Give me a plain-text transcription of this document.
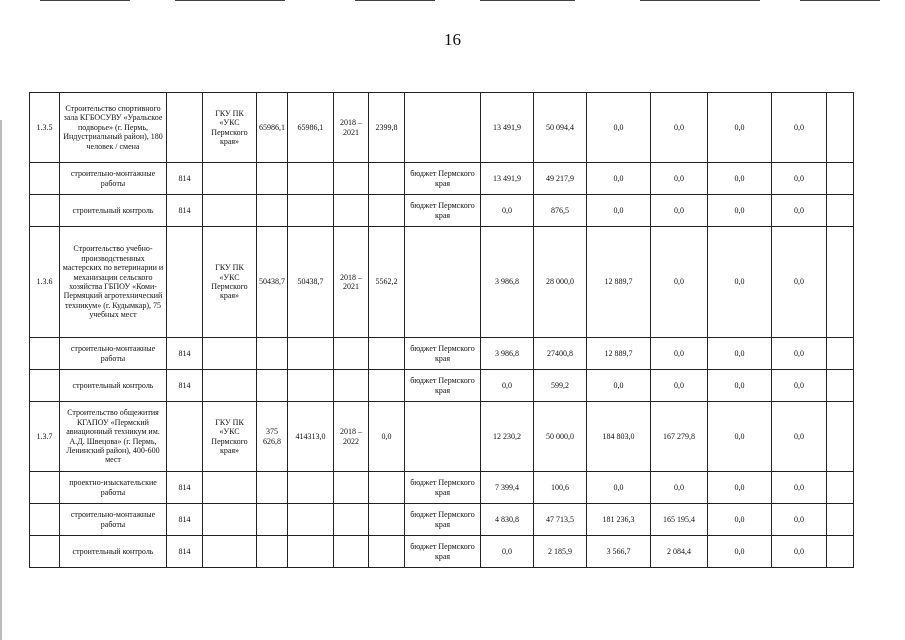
16
1.3.5	Строительство спортивного зала КГБОСУВУ «Уральское подворье» (г. Пермь, Индустриальный район), 180 человек / смена		ГКУ ПК «УКС Пермского края»	65986,1	65986,1	2018 – 2021	2399,8		13 491,9	50 094,4	0,0	0,0	0,0	0,0	
	строительно-монтажные работы	814						бюджет Пермского края	13 491,9	49 217,9	0,0	0,0	0,0	0,0	
	строительный контроль	814						бюджет Пермского края	0,0	876,5	0,0	0,0	0,0	0,0	
1.3.6	Строительство учебно-производственных мастерских по ветеринарии и механизации сельского хозяйства ГБПОУ «Коми-Пермяцкий агротехнический техникум» (г. Кудымкар), 75 учебных мест		ГКУ ПК «УКС Пермского края»	50438,7	50438,7	2018 – 2021	5562,2		3 986,8	28 000,0	12 889,7	0,0	0,0	0,0	
	строительно-монтажные работы	814						бюджет Пермского края	3 986,8	27400,8	12 889,7	0,0	0,0	0,0	
	строительный контроль	814						бюджет Пермского края	0,0	599,2	0,0	0,0	0,0	0,0	
1.3.7	Строительство общежития КГАПОУ «Пермский авиационный техникум им. А.Д. Швецова» (г. Пермь, Ленинский район), 400-600 мест		ГКУ ПК «УКС Пермского края»	375 626,8	414313,0	2018 – 2022	0,0		12 230,2	50 000,0	184 803,0	167 279,8	0,0	0,0	
	проектно-изыскательские работы	814						бюджет Пермского края	7 399,4	100,6	0,0	0,0	0,0	0,0	
	строительно-монтажные работы	814						бюджет Пермского края	4 830,8	47 713,5	181 236,3	165 195,4	0,0	0,0	
	строительный контроль	814						бюджет Пермского края	0,0	2 185,9	3 566,7	2 084,4	0,0	0,0	
